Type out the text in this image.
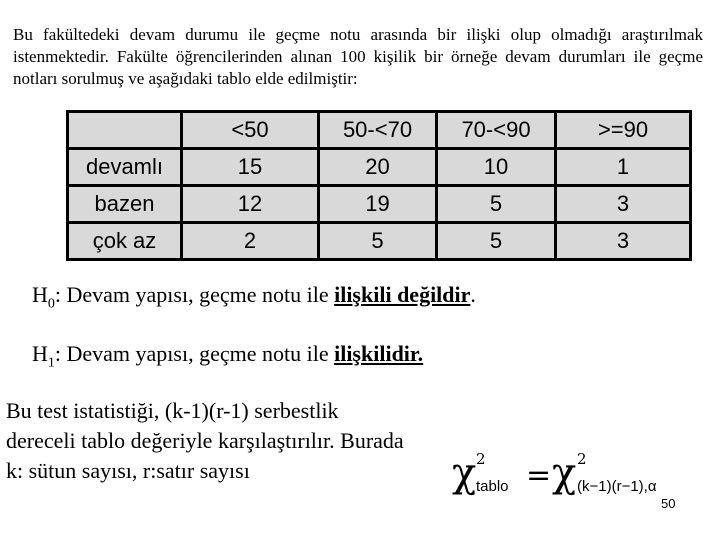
Bu fakültedeki devam durumu ile geçme notu arasında bir ilişki olup olmadığı araştırılmak istenmektedir. Fakülte öğrencilerinden alınan 100 kişilik bir örneğe devam durumları ile geçme notları sorulmuş ve aşağıdaki tablo elde edilmiştir:

	<50	50-<70	70-<90	>=90
devamlı	15	20	10	1
bazen	12	19	5	3
çok az	2	5	5	3

$H_0$: Devam yapısı, geçme notu ile ilişkili değildir.

$H_1$: Devam yapısı, geçme notu ile ilişkilidir.

Bu test istatistiği, (k-1)(r-1) serbestlik dereceli tablo değeriyle karşılaştırılır. Burada k: sütun sayısı, r:satır sayısı	χ 2
tablo = χ 2
(k−1)(r−1),α
50
